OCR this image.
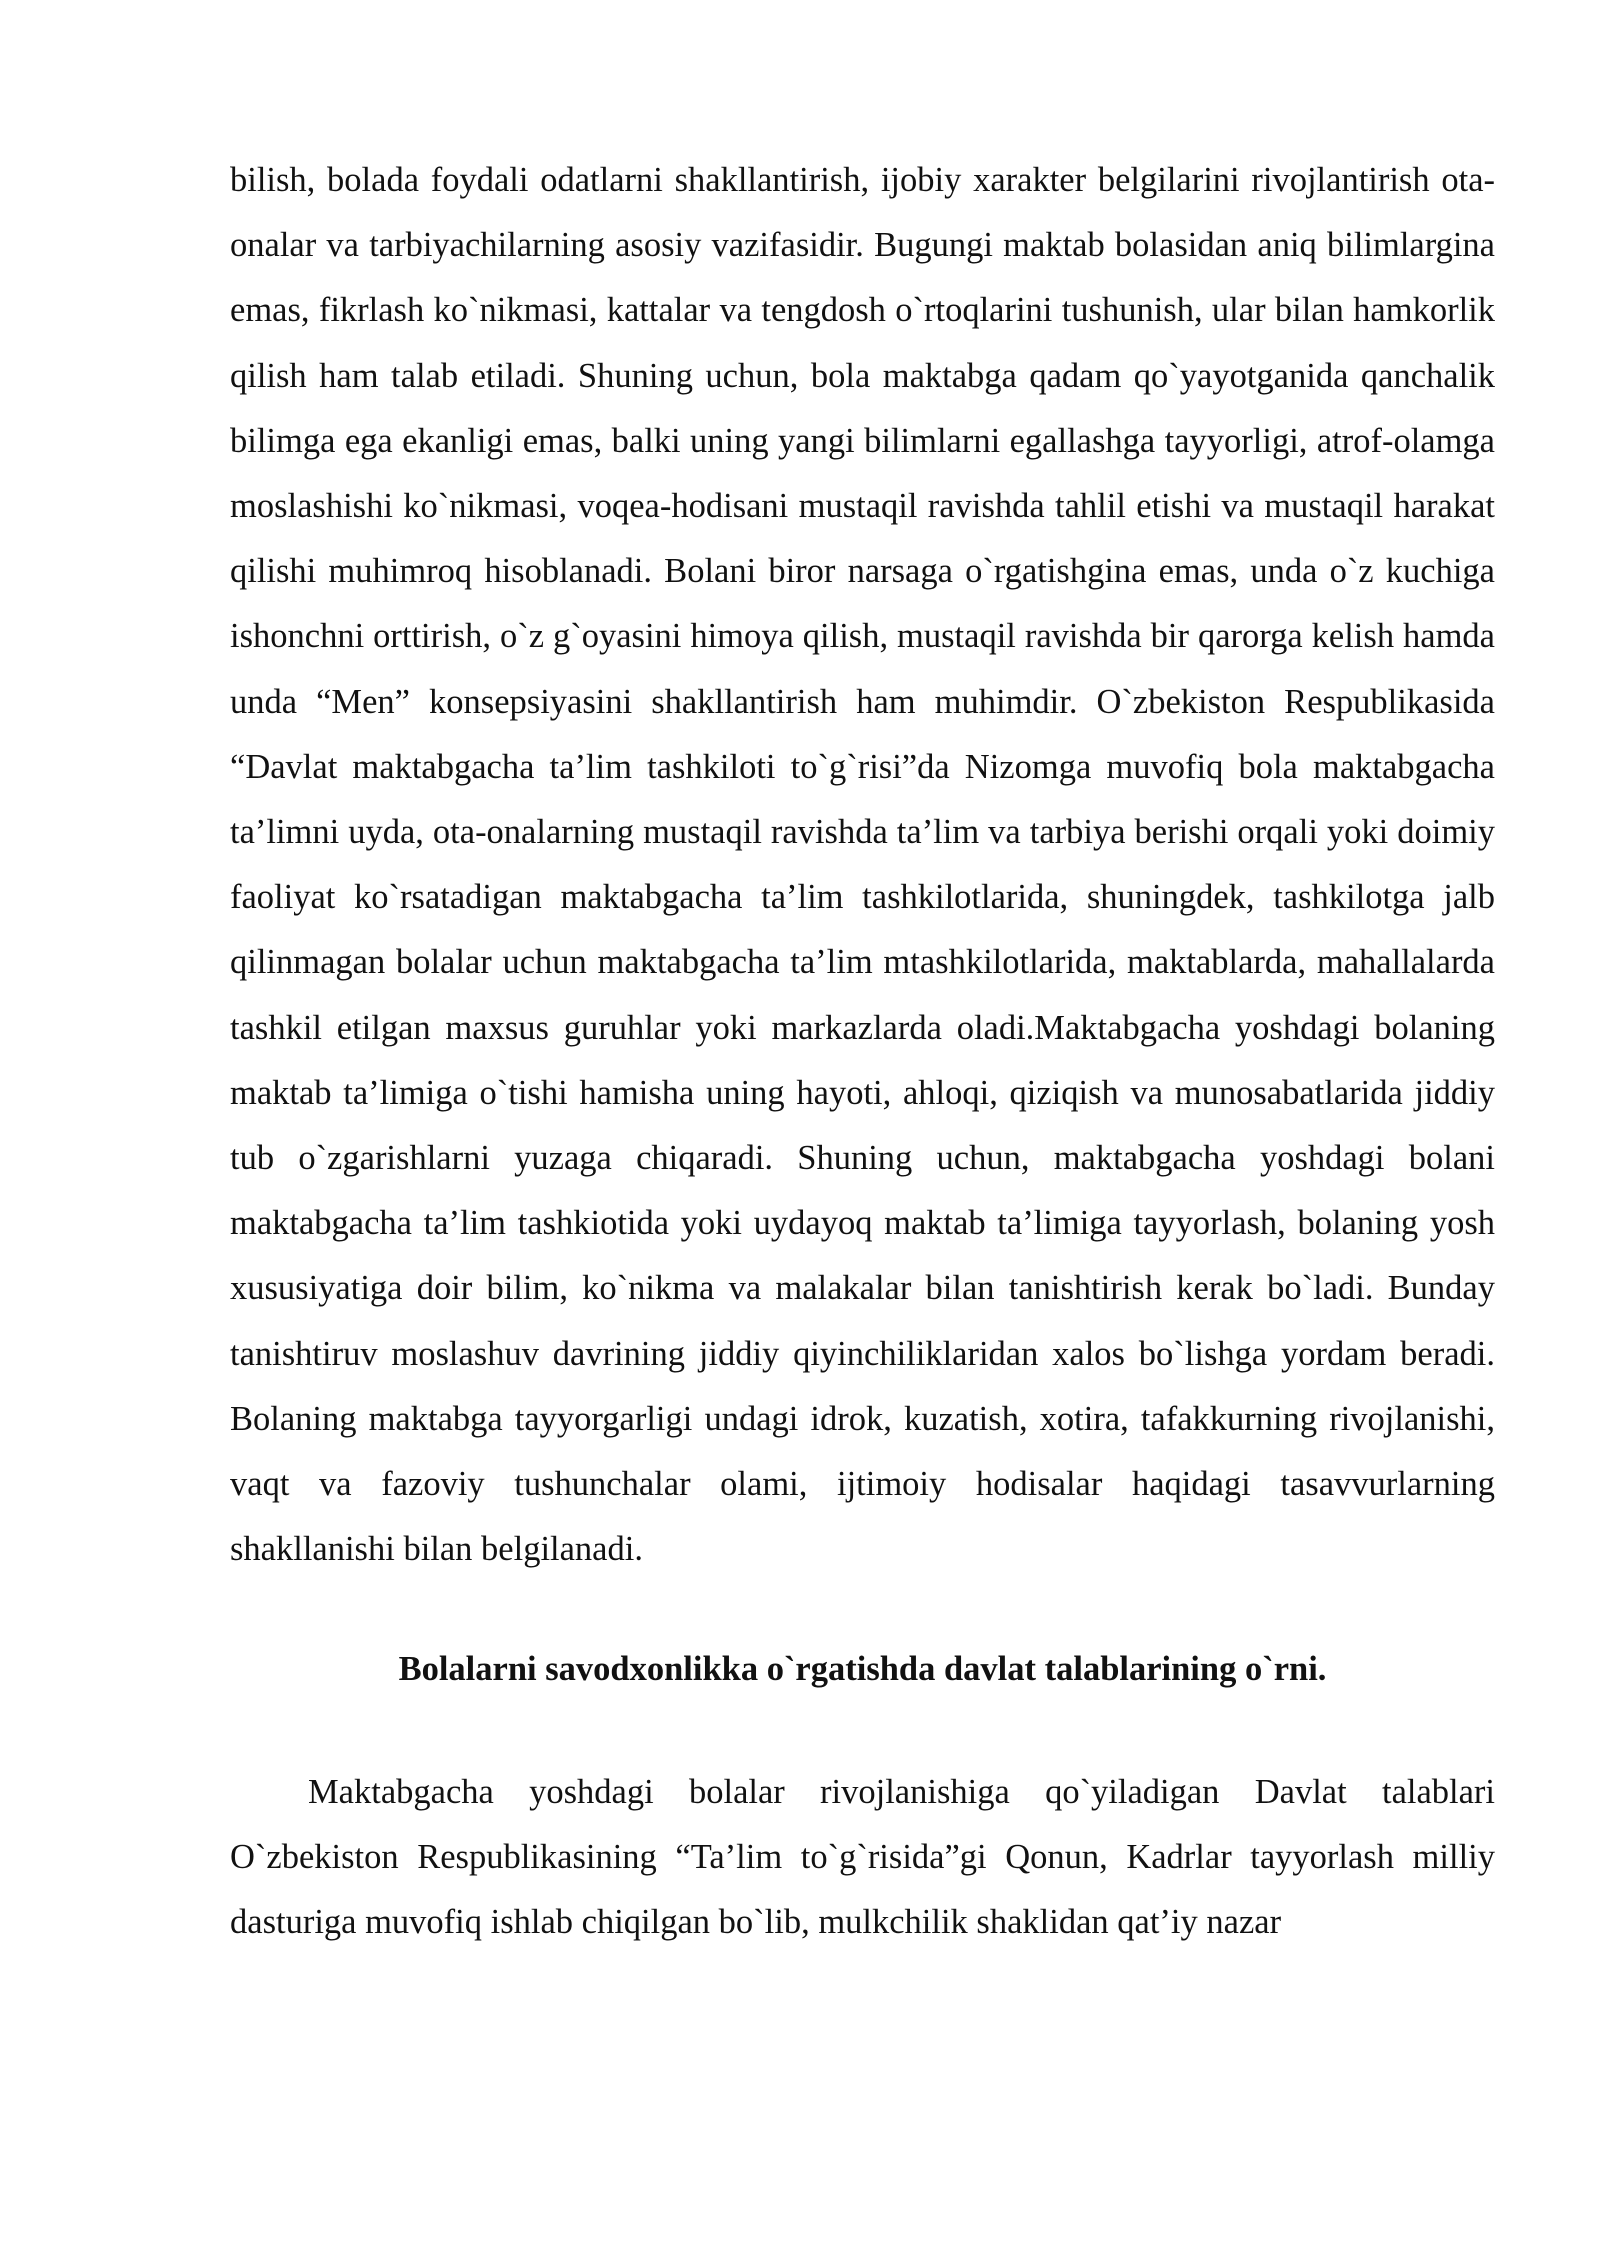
bilish, bolada foydali odatlarni shakllantirish, ijobiy xarakter belgilarini rivojlantirish ota-onalar va tarbiyachilarning asosiy vazifasidir. Bugungi maktab bolasidan aniq bilimlargina emas, fikrlash ko`nikmasi, kattalar va tengdosh o`rtoqlarini tushunish, ular bilan hamkorlik qilish ham talab etiladi. Shuning uchun, bola maktabga qadam qo`yayotganida qanchalik bilimga ega ekanligi emas, balki uning yangi bilimlarni egallashga tayyorligi, atrof-olamga moslashishi ko`nikmasi, voqea-hodisani mustaqil ravishda tahlil etishi va mustaqil harakat qilishi muhimroq hisoblanadi. Bolani biror narsaga o`rgatishgina emas, unda o`z kuchiga ishonchni orttirish, o`z g`oyasini himoya qilish, mustaqil ravishda bir qarorga kelish hamda unda “Men” konsepsiyasini shakllantirish ham muhimdir. O`zbekiston Respublikasida “Davlat maktabgacha ta’lim tashkiloti to`g`risi”da Nizomga muvofiq bola maktabgacha ta’limni uyda, ota-onalarning mustaqil ravishda ta’lim va tarbiya berishi orqali yoki doimiy faoliyat ko`rsatadigan maktabgacha ta’lim tashkilotlarida, shuningdek, tashkilotga jalb qilinmagan bolalar uchun maktabgacha ta’lim mtashkilotlarida, maktablarda, mahallalarda tashkil etilgan maxsus guruhlar yoki markazlarda oladi.Maktabgacha yoshdagi bolaning maktab ta’limiga o`tishi hamisha uning hayoti, ahloqi, qiziqish va munosabatlarida jiddiy tub o`zgarishlarni yuzaga chiqaradi. Shuning uchun, maktabgacha yoshdagi bolani maktabgacha ta’lim tashkiotida yoki uydayoq maktab ta’limiga tayyorlash, bolaning yosh xususiyatiga doir bilim, ko`nikma va malakalar bilan tanishtirish kerak bo`ladi. Bunday tanishtiruv moslashuv davrining jiddiy qiyinchiliklaridan xalos bo`lishga yordam beradi. Bolaning maktabga tayyorgarligi undagi idrok, kuzatish, xotira, tafakkurning rivojlanishi, vaqt va fazoviy tushunchalar olami, ijtimoiy hodisalar haqidagi tasavvurlarning shakllanishi bilan belgilanadi.

Bolalarni savodxonlikka o`rgatishda davlat talablarining o`rni.

Maktabgacha yoshdagi bolalar rivojlanishiga qo`yiladigan Davlat talablari O`zbekiston Respublikasining “Ta’lim to`g`risida”gi Qonun, Kadrlar tayyorlash milliy dasturiga muvofiq ishlab chiqilgan bo`lib, mulkchilik shaklidan qat’iy nazar
